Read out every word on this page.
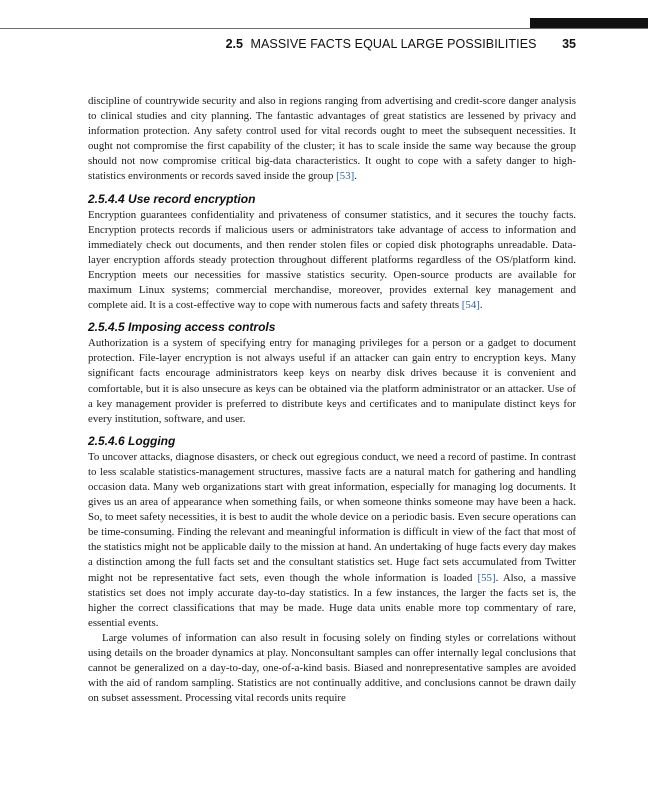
2.5 MASSIVE FACTS EQUAL LARGE POSSIBILITIES 35

discipline of countrywide security and also in regions ranging from advertising and credit-score danger analysis to clinical studies and city planning. The fantastic advantages of great statistics are lessened by privacy and information protection. Any safety control used for vital records ought to meet the subsequent necessities. It ought not compromise the first capability of the cluster; it has to scale inside the same way because the group should not now compromise critical big-data characteristics. It ought to cope with a safety danger to high-statistics environments or records saved inside the group [53].

2.5.4.4 Use record encryption

Encryption guarantees confidentiality and privateness of consumer statistics, and it secures the touchy facts. Encryption protects records if malicious users or administrators take advantage of access to information and immediately check out documents, and then render stolen files or copied disk photographs unreadable. Data-layer encryption affords steady protection throughout different platforms regardless of the OS/platform kind. Encryption meets our necessities for massive statistics security. Open-source products are available for maximum Linux systems; commercial merchandise, moreover, provides external key management and complete aid. It is a cost-effective way to cope with numerous facts and safety threats [54].

2.5.4.5 Imposing access controls

Authorization is a system of specifying entry for managing privileges for a person or a gadget to document protection. File-layer encryption is not always useful if an attacker can gain entry to encryption keys. Many significant facts encourage administrators keep keys on nearby disk drives because it is convenient and comfortable, but it is also unsecure as keys can be obtained via the platform administrator or an attacker. Use of a key management provider is preferred to distribute keys and certificates and to manipulate distinct keys for every institution, software, and user.

2.5.4.6 Logging

To uncover attacks, diagnose disasters, or check out egregious conduct, we need a record of pastime. In contrast to less scalable statistics-management structures, massive facts are a natural match for gathering and handling occasion data. Many web organizations start with great information, especially for managing log documents. It gives us an area of appearance when something fails, or when someone thinks someone may have been a hack. So, to meet safety necessities, it is best to audit the whole device on a periodic basis. Even secure operations can be time-consuming. Finding the relevant and meaningful information is difficult in view of the fact that most of the statistics might not be applicable daily to the mission at hand. An undertaking of huge facts every day makes a distinction among the full facts set and the consultant statistics set. Huge fact sets accumulated from Twitter might not be representative fact sets, even though the whole information is loaded [55]. Also, a massive statistics set does not imply accurate day-to-day statistics. In a few instances, the larger the facts set is, the higher the correct classifications that may be made. Huge data units enable more top commentary of rare, essential events.

Large volumes of information can also result in focusing solely on finding styles or correlations without using details on the broader dynamics at play. Nonconsultant samples can offer internally legal conclusions that cannot be generalized on a day-to-day, one-of-a-kind basis. Biased and nonrepresentative samples are avoided with the aid of random sampling. Statistics are not continually additive, and conclusions cannot be drawn daily on subset assessment. Processing vital records units require
